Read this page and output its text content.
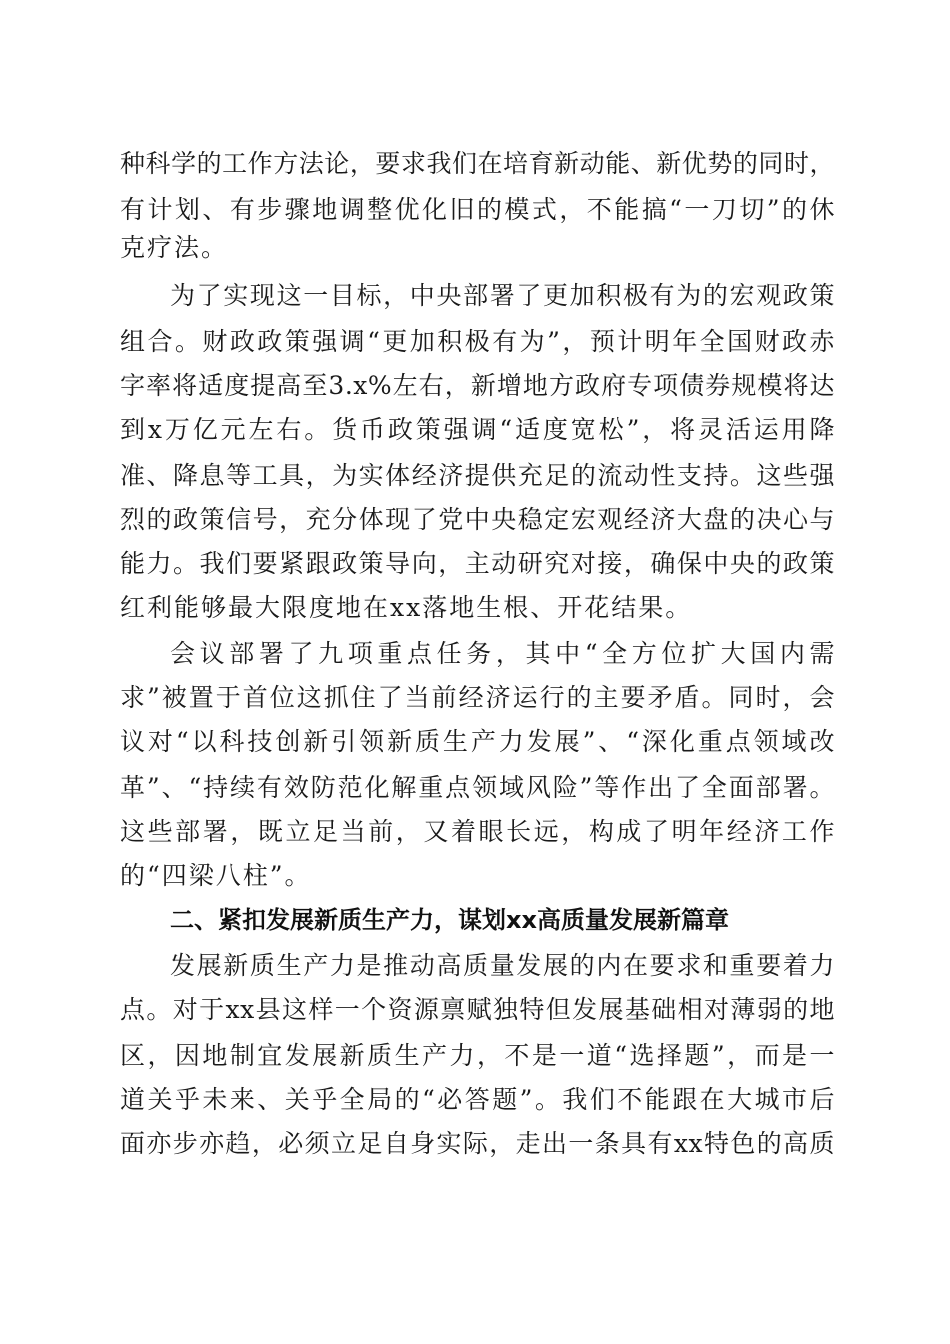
种科学的工作方法论，要求我们在培育新动能、新优势的同时，
有计划、有步骤地调整优化旧的模式，不能搞“一刀切”的休
克疗法。
为了实现这一目标，中央部署了更加积极有为的宏观政策
组合。财政政策强调“更加积极有为”，预计明年全国财政赤
字率将适度提高至3.x%左右，新增地方政府专项债券规模将达
到x万亿元左右。货币政策强调“适度宽松”，将灵活运用降
准、降息等工具，为实体经济提供充足的流动性支持。这些强
烈的政策信号，充分体现了党中央稳定宏观经济大盘的决心与
能力。我们要紧跟政策导向，主动研究对接，确保中央的政策
红利能够最大限度地在xx落地生根、开花结果。
会议部署了九项重点任务，其中“全方位扩大国内需
求”被置于首位这抓住了当前经济运行的主要矛盾。同时，会
议对“以科技创新引领新质生产力发展”、“深化重点领域改
革”、“持续有效防范化解重点领域风险”等作出了全面部署。
这些部署，既立足当前，又着眼长远，构成了明年经济工作
的“四梁八柱”。
二、紧扣发展新质生产力，谋划xx高质量发展新篇章
发展新质生产力是推动高质量发展的内在要求和重要着力
点。对于xx县这样一个资源禀赋独特但发展基础相对薄弱的地
区，因地制宜发展新质生产力，不是一道“选择题”，而是一
道关乎未来、关乎全局的“必答题”。我们不能跟在大城市后
面亦步亦趋，必须立足自身实际，走出一条具有xx特色的高质
